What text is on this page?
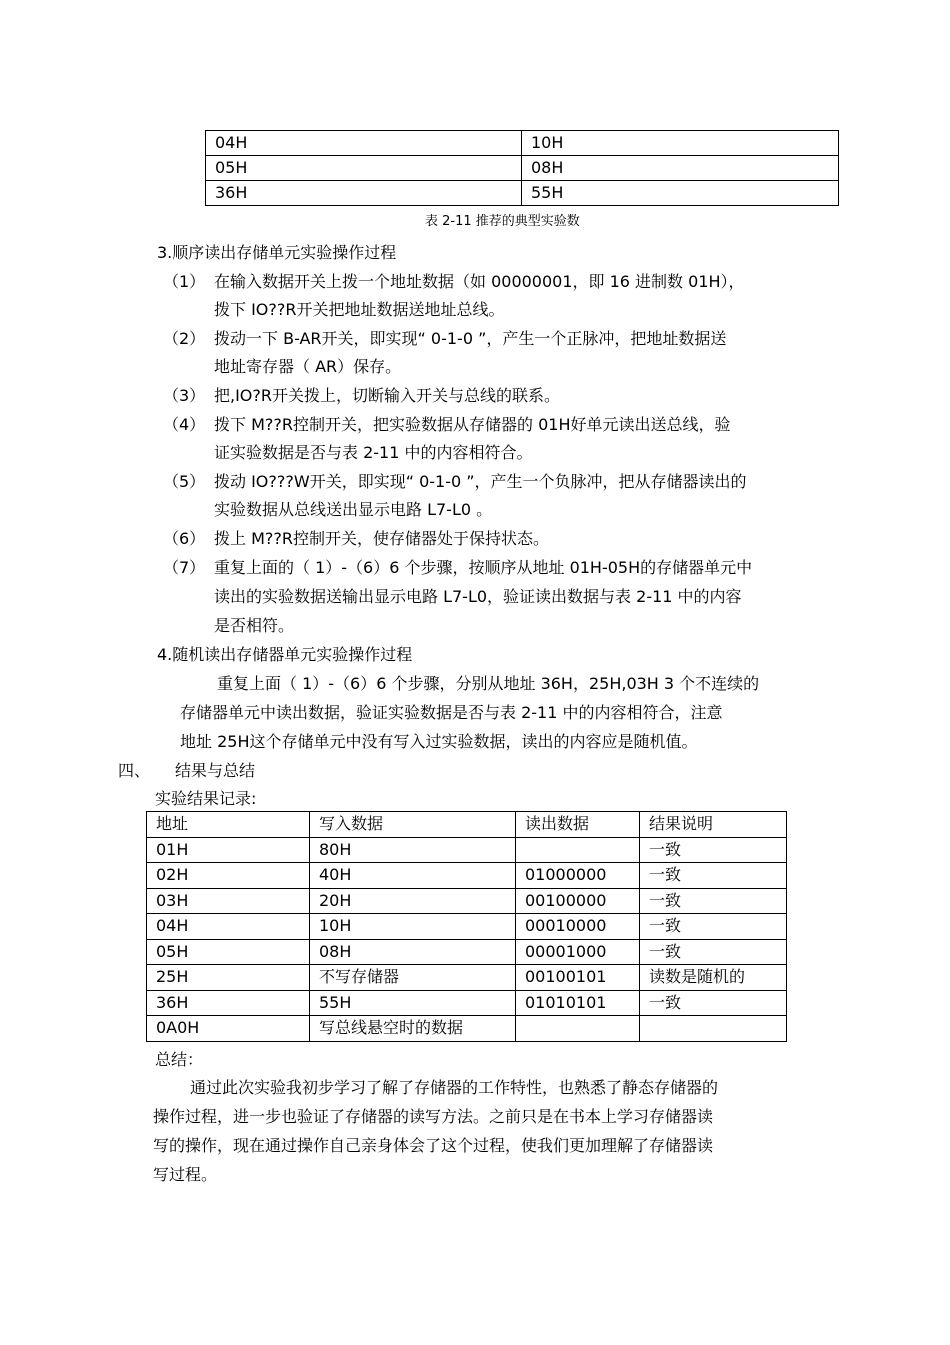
04H	10H
05H	08H
36H	55H
表 2-11 推荐的典型实验数
3.顺序读出存储单元实验操作过程
（1） 在输入数据开关上拨一个地址数据（如 00000001，即 16 进制数 01H），
拨下 IO??R开关把地址数据送地址总线。
（2） 拨动一下 B-AR开关，即实现“ 0-1-0 ”，产生一个正脉冲，把地址数据送
地址寄存器（ AR）保存。
（3） 把,IO?R开关拨上，切断输入开关与总线的联系。
（4） 拨下 M??R控制开关，把实验数据从存储器的 01H好单元读出送总线，验
证实验数据是否与表 2-11 中的内容相符合。
（5） 拨动 IO???W开关，即实现“ 0-1-0 ”，产生一个负脉冲，把从存储器读出的
实验数据从总线送出显示电路 L7-L0 。
（6） 拨上 M??R控制开关，使存储器处于保持状态。
（7） 重复上面的（ 1）-（6）6 个步骤，按顺序从地址 01H-05H的存储器单元中
读出的实验数据送输出显示电路 L7-L0，验证读出数据与表 2-11 中的内容
是否相符。
4.随机读出存储器单元实验操作过程
重复上面（ 1）-（6）6 个步骤，分别从地址 36H，25H,03H 3 个不连续的
存储器单元中读出数据，验证实验数据是否与表 2-11 中的内容相符合，注意
地址 25H这个存储单元中没有写入过实验数据，读出的内容应是随机值。
四、 结果与总结
实验结果记录:
地址	写入数据	读出数据	结果说明
01H	80H		一致
02H	40H	01000000	一致
03H	20H	00100000	一致
04H	10H	00010000	一致
05H	08H	00001000	一致
25H	不写存储器	00100101	读数是随机的
36H	55H	01010101	一致
0A0H	写总线悬空时的数据		
总结：
通过此次实验我初步学习了解了存储器的工作特性，也熟悉了静态存储器的
操作过程，进一步也验证了存储器的读写方法。之前只是在书本上学习存储器读
写的操作，现在通过操作自己亲身体会了这个过程，使我们更加理解了存储器读
写过程。
